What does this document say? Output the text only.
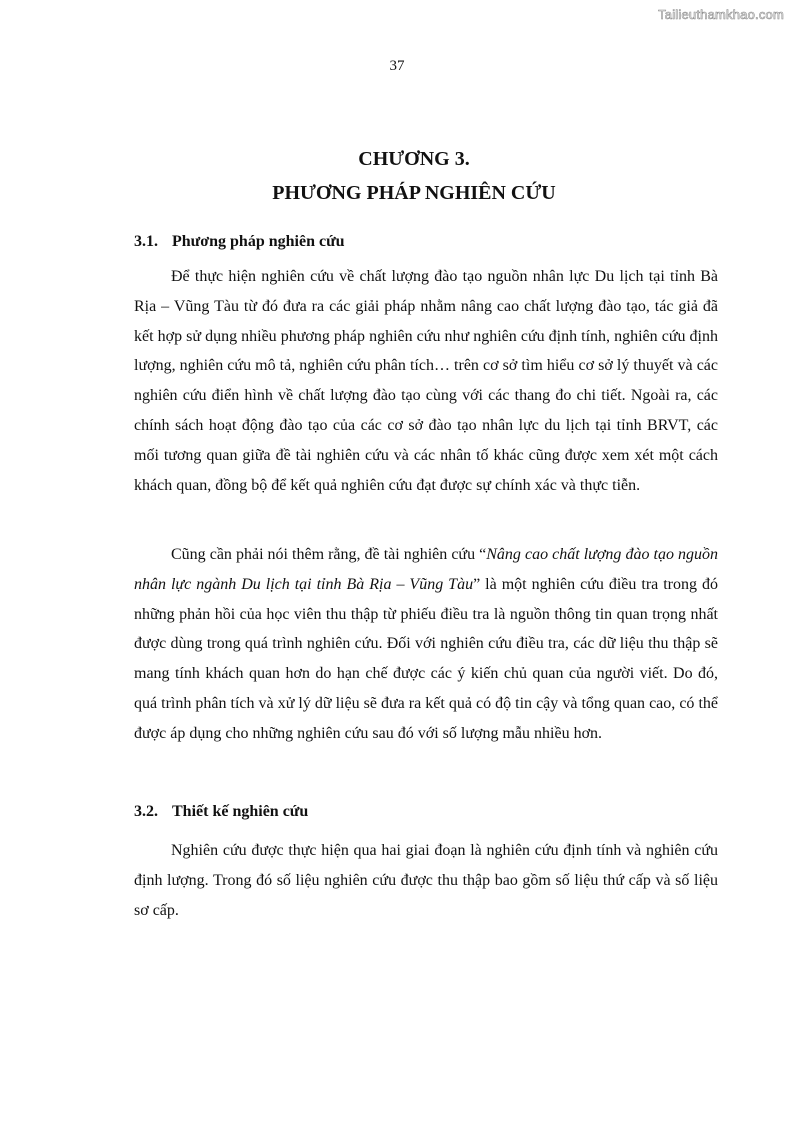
Tailieuthamkhao.com
37
CHƯƠNG 3.
PHƯƠNG PHÁP NGHIÊN CỨU
3.1. Phương pháp nghiên cứu

Để thực hiện nghiên cứu về chất lượng đào tạo nguồn nhân lực Du lịch tại tỉnh Bà Rịa – Vũng Tàu từ đó đưa ra các giải pháp nhằm nâng cao chất lượng đào tạo, tác giả đã kết hợp sử dụng nhiều phương pháp nghiên cứu như nghiên cứu định tính, nghiên cứu định lượng, nghiên cứu mô tả, nghiên cứu phân tích… trên cơ sở tìm hiểu cơ sở lý thuyết và các nghiên cứu điển hình về chất lượng đào tạo cùng với các thang đo chi tiết. Ngoài ra, các chính sách hoạt động đào tạo của các cơ sở đào tạo nhân lực du lịch tại tỉnh BRVT, các mối tương quan giữa đề tài nghiên cứu và các nhân tố khác cũng được xem xét một cách khách quan, đồng bộ để kết quả nghiên cứu đạt được sự chính xác và thực tiễn.

Cũng cần phải nói thêm rằng, đề tài nghiên cứu “Nâng cao chất lượng đào tạo nguồn nhân lực ngành Du lịch tại tỉnh Bà Rịa – Vũng Tàu” là một nghiên cứu điều tra trong đó những phản hồi của học viên thu thập từ phiếu điều tra là nguồn thông tin quan trọng nhất được dùng trong quá trình nghiên cứu. Đối với nghiên cứu điều tra, các dữ liệu thu thập sẽ mang tính khách quan hơn do hạn chế được các ý kiến chủ quan của người viết. Do đó, quá trình phân tích và xử lý dữ liệu sẽ đưa ra kết quả có độ tin cậy và tổng quan cao, có thể được áp dụng cho những nghiên cứu sau đó với số lượng mẫu nhiều hơn.

3.2. Thiết kế nghiên cứu

Nghiên cứu được thực hiện qua hai giai đoạn là nghiên cứu định tính và nghiên cứu định lượng. Trong đó số liệu nghiên cứu được thu thập bao gồm số liệu thứ cấp và số liệu sơ cấp.
